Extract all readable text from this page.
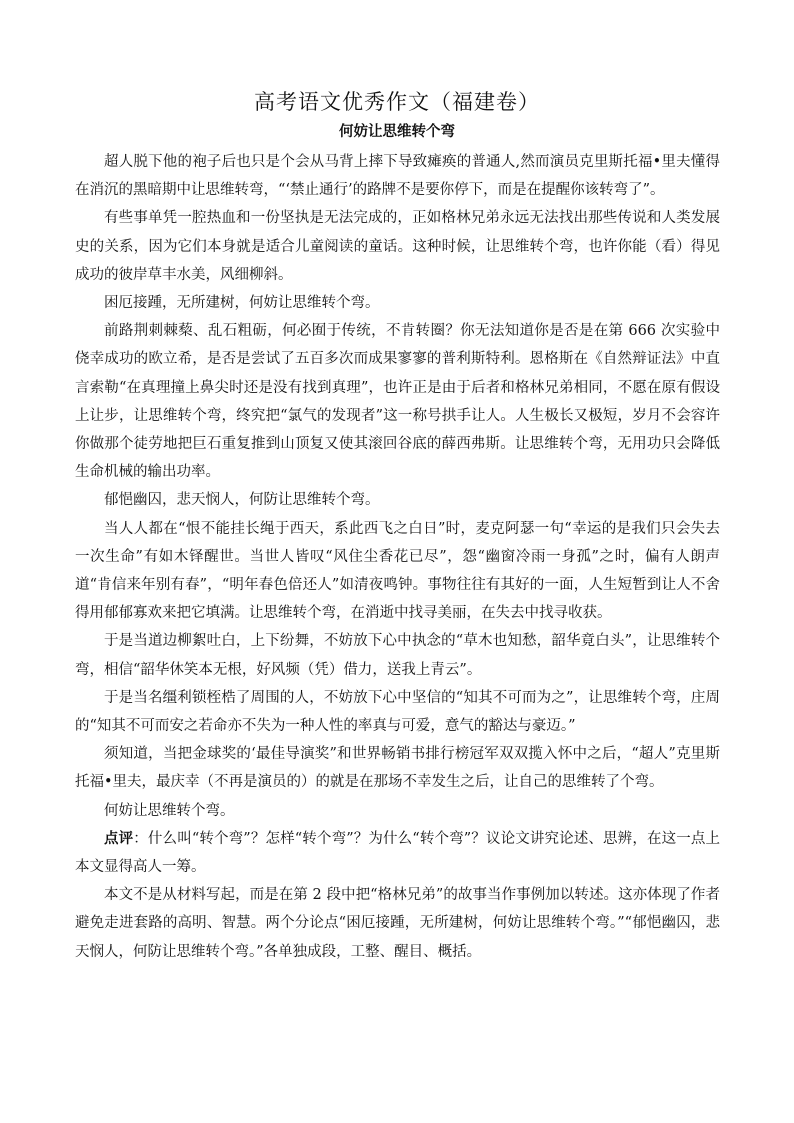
高考语文优秀作文（福建卷）
何妨让思维转个弯

超人脱下他的袍子后也只是个会从马背上摔下导致瘫痪的普通人,然而演员克里斯托福•里夫懂得在消沉的黑暗期中让思维转弯，“‘禁止通行’的路牌不是要你停下，而是在提醒你该转弯了”。

有些事单凭一腔热血和一份坚执是无法完成的，正如格林兄弟永远无法找出那些传说和人类发展史的关系，因为它们本身就是适合儿童阅读的童话。这种时候，让思维转个弯，也许你能（看）得见成功的彼岸草丰水美，风细柳斜。

困厄接踵，无所建树，何妨让思维转个弯。

前路荆刺棘蔾、乱石粗砺，何必囿于传统，不肯转圈？你无法知道你是否是在第 666 次实验中侥幸成功的欧立希，是否是尝试了五百多次而成果寥寥的普利斯特利。恩格斯在《自然辩证法》中直言索勒“在真理撞上鼻尖时还是没有找到真理”，也许正是由于后者和格林兄弟相同，不愿在原有假设上让步，让思维转个弯，终究把“氯气的发现者”这一称号拱手让人。人生极长又极短，岁月不会容许你做那个徒劳地把巨石重复推到山顶复又使其滚回谷底的薛西弗斯。让思维转个弯，无用功只会降低生命机械的输出功率。

郁悒幽囚，悲天悯人，何防让思维转个弯。

当人人都在“恨不能挂长绳于西天，系此西飞之白日”时，麦克阿瑟一句“幸运的是我们只会失去一次生命”有如木铎醒世。当世人皆叹“风住尘香花已尽”，怨“幽窗冷雨一身孤”之时，偏有人朗声道“肯信来年别有春”，“明年春色倍还人”如清夜鸣钟。事物往往有其好的一面，人生短暂到让人不舍得用郁郁寡欢来把它填满。让思维转个弯，在消逝中找寻美丽，在失去中找寻收获。

于是当道边柳絮吐白，上下纷舞，不妨放下心中执念的“草木也知愁，韶华竟白头”，让思维转个弯，相信“韶华休笑本无根，好风频（凭）借力，送我上青云”。

于是当名缰利锁桎梏了周围的人，不妨放下心中坚信的“知其不可而为之”，让思维转个弯，庄周的“知其不可而安之若命亦不失为一种人性的率真与可爱，意气的豁达与豪迈。”

须知道，当把金球奖的‘最佳导演奖”和世界畅销书排行榜冠军双双揽入怀中之后，“超人”克里斯托福•里夫，最庆幸（不再是演员的）的就是在那场不幸发生之后，让自己的思维转了个弯。

何妨让思维转个弯。

点评：什么叫“转个弯”？怎样“转个弯”？为什么“转个弯”？议论文讲究论述、思辨，在这一点上本文显得高人一筹。

本文不是从材料写起，而是在第 2 段中把“格林兄弟”的故事当作事例加以转述。这亦体现了作者避免走进套路的高明、智慧。两个分论点“困厄接踵，无所建树，何妨让思维转个弯。”“郁悒幽囚，悲天悯人，何防让思维转个弯。”各单独成段，工整、醒目、概括。
